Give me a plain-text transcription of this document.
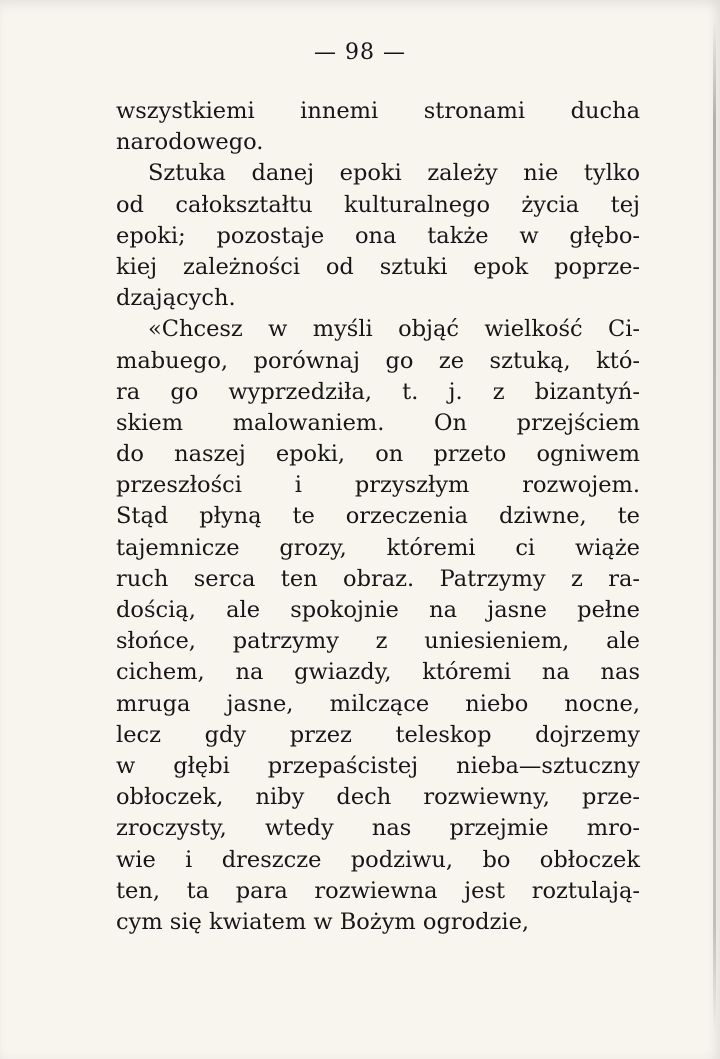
— 98 —
wszystkiemi innemi stronami ducha
narodowego.
Sztuka danej epoki zależy nie tylko
od całokształtu kulturalnego życia tej
epoki; pozostaje ona także w głębo-
kiej zależności od sztuki epok poprze-
dzających.
«Chcesz w myśli objąć wielkość Ci-
mabuego, porównaj go ze sztuką, któ-
ra go wyprzedziła, t. j. z bizantyń-
skiem malowaniem. On przejściem
do naszej epoki, on przeto ogniwem
przeszłości i przyszłym rozwojem.
Stąd płyną te orzeczenia dziwne, te
tajemnicze grozy, któremi ci wiąże
ruch serca ten obraz. Patrzymy z ra-
dością, ale spokojnie na jasne pełne
słońce, patrzymy z uniesieniem, ale
cichem, na gwiazdy, któremi na nas
mruga jasne, milczące niebo nocne,
lecz gdy przez teleskop dojrzemy
w głębi przepaścistej nieba—sztuczny
obłoczek, niby dech rozwiewny, prze-
zroczysty, wtedy nas przejmie mro-
wie i dreszcze podziwu, bo obłoczek
ten, ta para rozwiewna jest roztulają-
cym się kwiatem w Bożym ogrodzie,
